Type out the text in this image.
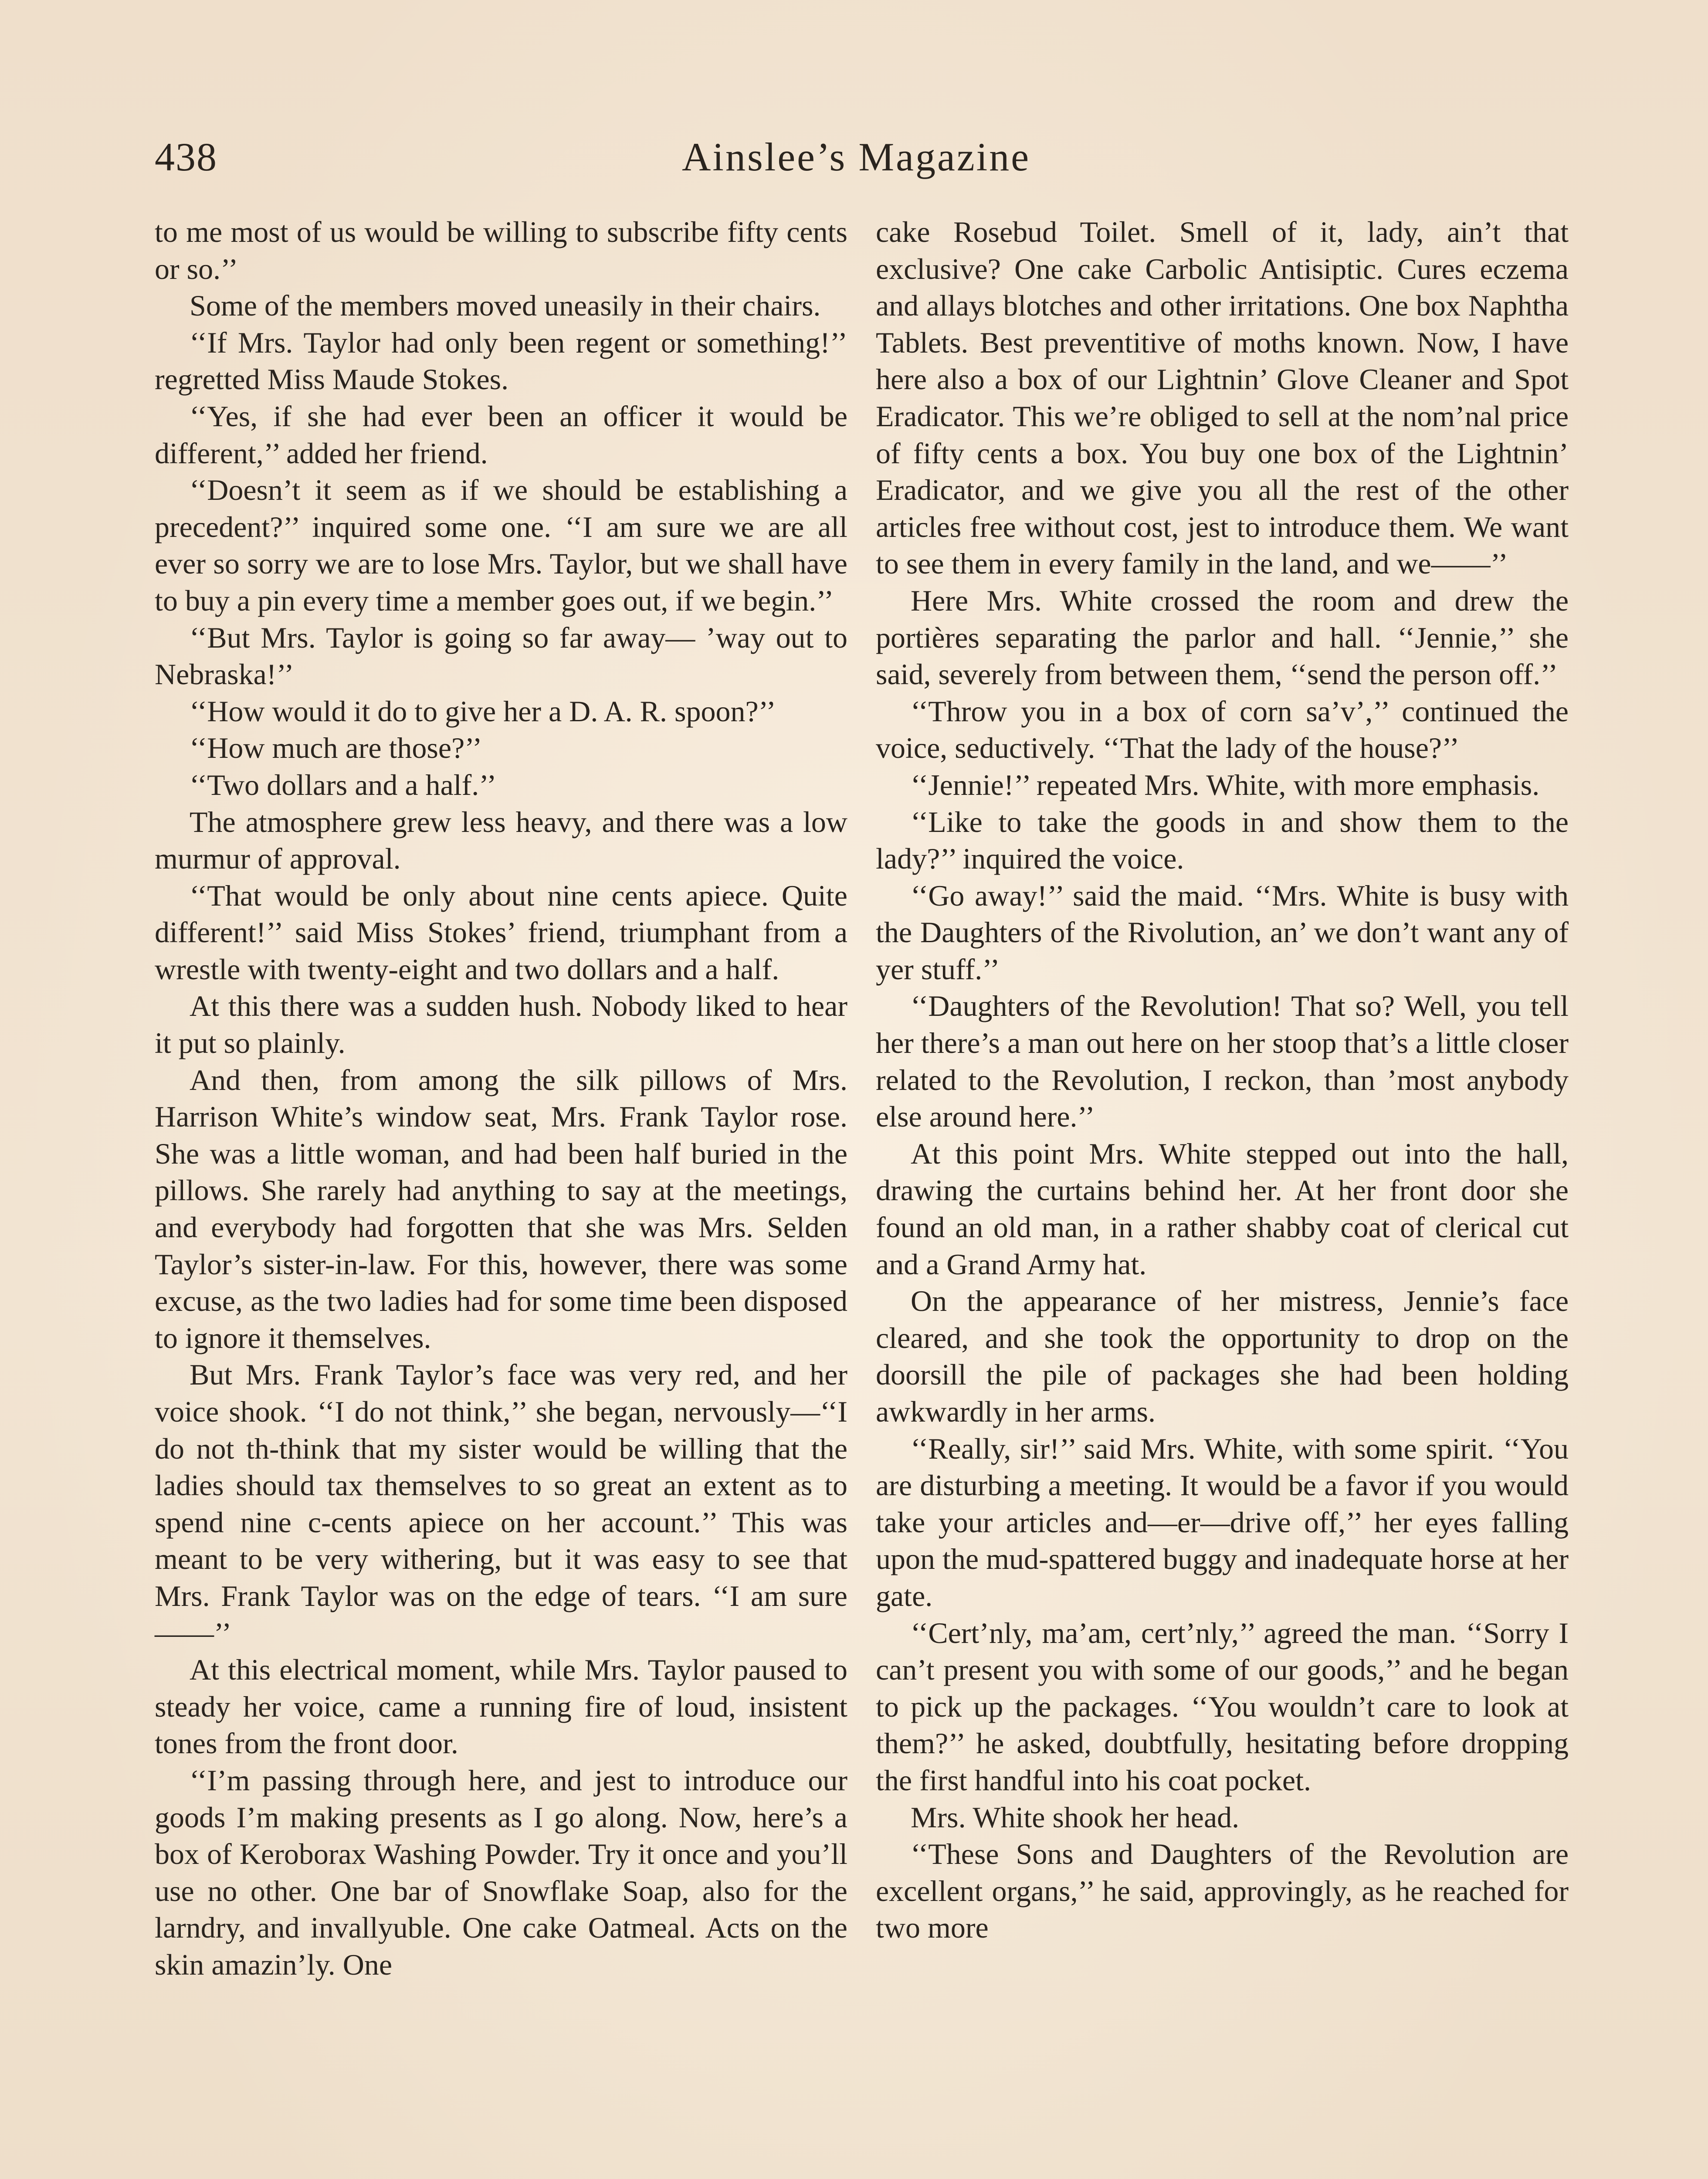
438	Ainslee’s Magazine

to me most of us would be willing to subscribe fifty cents or so.’’

Some of the members moved uneasily in their chairs.

‘‘If Mrs. Taylor had only been regent or something!’’ regretted Miss Maude Stokes.

‘‘Yes, if she had ever been an officer it would be different,’’ added her friend.

‘‘Doesn’t it seem as if we should be establishing a precedent?’’ inquired some one. ‘‘I am sure we are all ever so sorry we are to lose Mrs. Taylor, but we shall have to buy a pin every time a member goes out, if we begin.’’

‘‘But Mrs. Taylor is going so far away— ’way out to Nebraska!’’

‘‘How would it do to give her a D. A. R. spoon?’’

‘‘How much are those?’’

‘‘Two dollars and a half.’’

The atmosphere grew less heavy, and there was a low murmur of approval.

‘‘That would be only about nine cents apiece. Quite different!’’ said Miss Stokes’ friend, triumphant from a wrestle with twenty-eight and two dollars and a half.

At this there was a sudden hush. Nobody liked to hear it put so plainly.

And then, from among the silk pillows of Mrs. Harrison White’s window seat, Mrs. Frank Taylor rose. She was a little woman, and had been half buried in the pillows. She rarely had anything to say at the meetings, and everybody had forgotten that she was Mrs. Selden Taylor’s sister-in-law. For this, however, there was some excuse, as the two ladies had for some time been disposed to ignore it themselves.

But Mrs. Frank Taylor’s face was very red, and her voice shook. ‘‘I do not think,’’ she began, nervously—‘‘I do not th-think that my sister would be willing that the ladies should tax themselves to so great an extent as to spend nine c-cents apiece on her account.’’ This was meant to be very withering, but it was easy to see that Mrs. Frank Taylor was on the edge of tears. ‘‘I am sure——’’

At this electrical moment, while Mrs. Taylor paused to steady her voice, came a running fire of loud, insistent tones from the front door.

‘‘I’m passing through here, and jest to introduce our goods I’m making presents as I go along. Now, here’s a box of Keroborax Washing Powder. Try it once and you’ll use no other. One bar of Snowflake Soap, also for the larndry, and invallyuble. One cake Oatmeal. Acts on the skin amazin’ly. One

cake Rosebud Toilet. Smell of it, lady, ain’t that exclusive? One cake Carbolic Antisiptic. Cures eczema and allays blotches and other irritations. One box Naphtha Tablets. Best preventitive of moths known. Now, I have here also a box of our Lightnin’ Glove Cleaner and Spot Eradicator. This we’re obliged to sell at the nom’nal price of fifty cents a box. You buy one box of the Lightnin’ Eradicator, and we give you all the rest of the other articles free without cost, jest to introduce them. We want to see them in every family in the land, and we——’’

Here Mrs. White crossed the room and drew the portières separating the parlor and hall. ‘‘Jennie,’’ she said, severely from between them, ‘‘send the person off.’’

‘‘Throw you in a box of corn sa’v’,’’ continued the voice, seductively. ‘‘That the lady of the house?’’

‘‘Jennie!’’ repeated Mrs. White, with more emphasis.

‘‘Like to take the goods in and show them to the lady?’’ inquired the voice.

‘‘Go away!’’ said the maid. ‘‘Mrs. White is busy with the Daughters of the Rivolution, an’ we don’t want any of yer stuff.’’

‘‘Daughters of the Revolution! That so? Well, you tell her there’s a man out here on her stoop that’s a little closer related to the Revolution, I reckon, than ’most anybody else around here.’’

At this point Mrs. White stepped out into the hall, drawing the curtains behind her. At her front door she found an old man, in a rather shabby coat of clerical cut and a Grand Army hat.

On the appearance of her mistress, Jennie’s face cleared, and she took the opportunity to drop on the doorsill the pile of packages she had been holding awkwardly in her arms.

‘‘Really, sir!’’ said Mrs. White, with some spirit. ‘‘You are disturbing a meeting. It would be a favor if you would take your articles and—er—drive off,’’ her eyes falling upon the mud-spattered buggy and inadequate horse at her gate.

‘‘Cert’nly, ma’am, cert’nly,’’ agreed the man. ‘‘Sorry I can’t present you with some of our goods,’’ and he began to pick up the packages. ‘‘You wouldn’t care to look at them?’’ he asked, doubtfully, hesitating before dropping the first handful into his coat pocket.

Mrs. White shook her head.

‘‘These Sons and Daughters of the Revolution are excellent organs,’’ he said, approvingly, as he reached for two more
